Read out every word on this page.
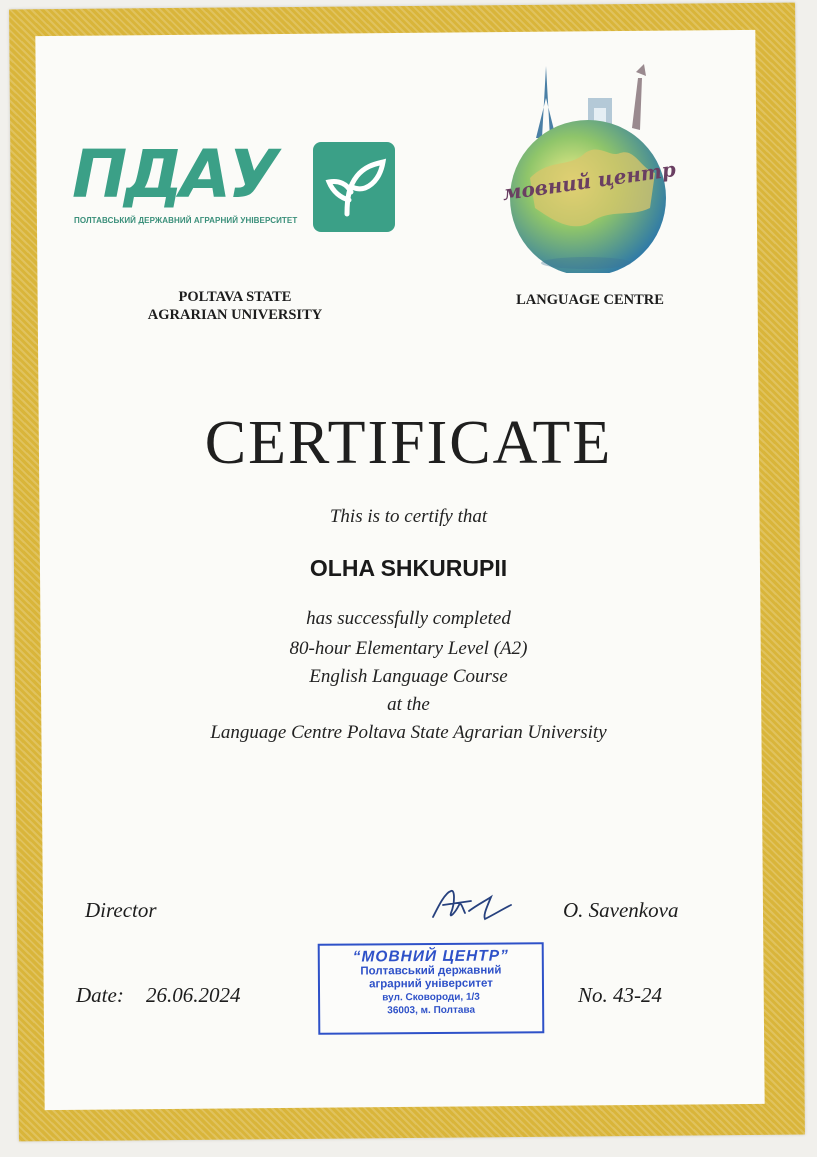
ПДАУ
ПОЛТАВСЬКИЙ ДЕРЖАВНИЙ АГРАРНИЙ УНІВЕРСИТЕТ
POLTAVA STATE
AGRARIAN UNIVERSITY
мовний центр
LANGUAGE CENTRE
CERTIFICATE
This is to certify that
OLHA SHKURUPII
has successfully completed
80-hour Elementary Level (A2)
English Language Course
at the
Language Centre Poltava State Agrarian University
Director	O. Savenkova
“МОВНИЙ ЦЕНТР”
Полтавський державний
аграрний університет
вул. Сковороди, 1/3
36003, м. Полтава
Date: 26.06.2024	No. 43-24
